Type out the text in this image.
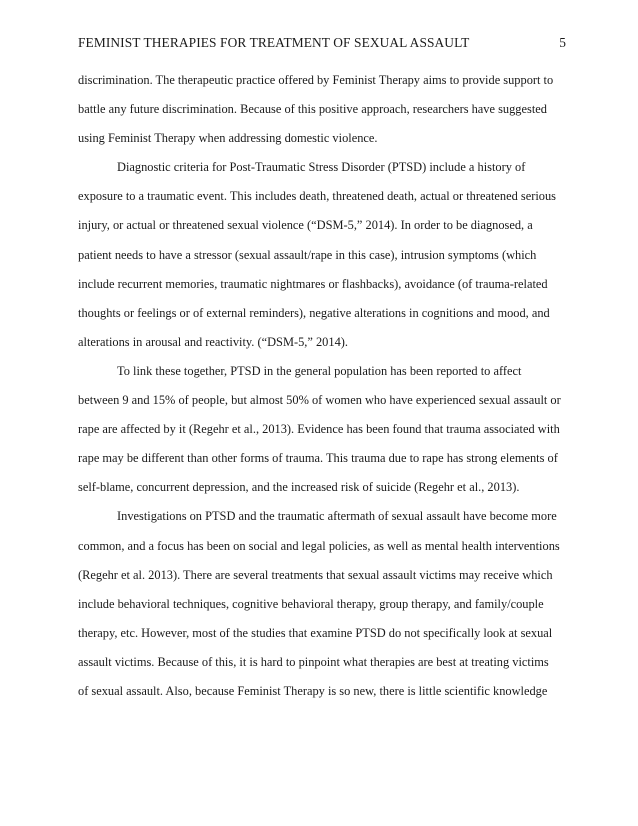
FEMINIST THERAPIES FOR TREATMENT OF SEXUAL ASSAULT	5
discrimination. The therapeutic practice offered by Feminist Therapy aims to provide support to
battle any future discrimination. Because of this positive approach, researchers have suggested
using Feminist Therapy when addressing domestic violence.
Diagnostic criteria for Post-Traumatic Stress Disorder (PTSD) include a history of
exposure to a traumatic event. This includes death, threatened death, actual or threatened serious
injury, or actual or threatened sexual violence (“DSM-5,” 2014). In order to be diagnosed, a
patient needs to have a stressor (sexual assault/rape in this case), intrusion symptoms (which
include recurrent memories, traumatic nightmares or flashbacks), avoidance (of trauma-related
thoughts or feelings or of external reminders), negative alterations in cognitions and mood, and
alterations in arousal and reactivity. (“DSM-5,” 2014).
To link these together, PTSD in the general population has been reported to affect
between 9 and 15% of people, but almost 50% of women who have experienced sexual assault or
rape are affected by it (Regehr et al., 2013). Evidence has been found that trauma associated with
rape may be different than other forms of trauma. This trauma due to rape has strong elements of
self-blame, concurrent depression, and the increased risk of suicide (Regehr et al., 2013).
Investigations on PTSD and the traumatic aftermath of sexual assault have become more
common, and a focus has been on social and legal policies, as well as mental health interventions
(Regehr et al. 2013). There are several treatments that sexual assault victims may receive which
include behavioral techniques, cognitive behavioral therapy, group therapy, and family/couple
therapy, etc. However, most of the studies that examine PTSD do not specifically look at sexual
assault victims. Because of this, it is hard to pinpoint what therapies are best at treating victims
of sexual assault. Also, because Feminist Therapy is so new, there is little scientific knowledge
